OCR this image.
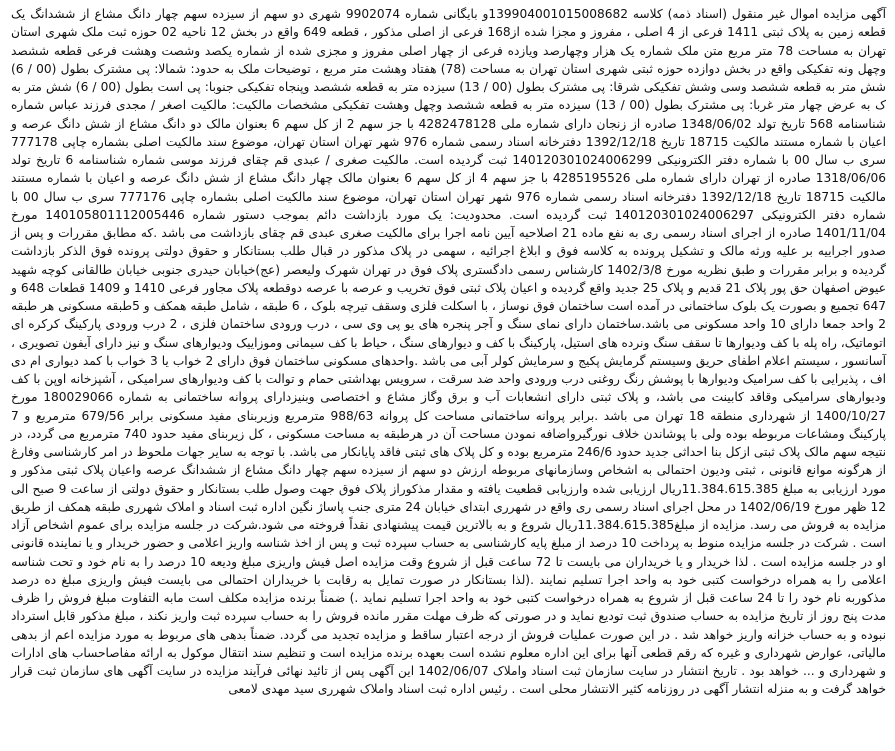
آگهی مزایده اموال غیر منقول (اسناد ذمه) کلاسه 139904001015008682و بایگانی شماره 9902074 شهری دو سهم از سیزده سهم چهار دانگ مشاع از ششدانگ یک قطعه زمین به پلاک ثبتی 1411 فرعی از 4 اصلی ، مفروز و مجزا شده از168 فرعی از اصلی مذکور ، قطعه 649 واقع در بخش 12 ناحیه 02 حوزه ثبت ملک شهری استان تهران به مساحت 78 متر مربع متن ملک شماره یک هزار وچهارصد ویازده فرعی از چهار اصلی مفروز و مجزی شده از شماره یکصد وشصت وهشت فرعی قطعه ششصد وچهل ونه تفکیکی واقع در بخش دوازده حوزه ثبتی شهری استان تهران به مساحت (78) هفتاد وهشت متر مربع ، توضیحات ملک به حدود: شمالا: پی مشترک بطول (00 / 6) شش متر به قطعه ششصد وسی وشش تفکیکی شرقا: پی مشترک بطول (00 / 13) سیزده متر به قطعه ششصد وپنجاه تفکیکی جنوبا: پی است بطول (00 / 6) شش متر به ک به عرض چهار متر غربا: پی مشترک بطول (00 / 13) سیزده متر به قطعه ششصد وچهل وهشت تفکیکی مشخصات مالکیت: مالکیت اصغر / مجدی فرزند عباس شماره شناسنامه 568 تاریخ تولد 1348/06/02 صادره از زنجان دارای شماره ملی 4282478128 با جز سهم 2 از کل سهم 6 بعنوان مالک دو دانگ مشاع از شش دانگ عرصه و اعیان با شماره مستند مالکیت 18715 تاریخ 1392/12/18 دفترخانه اسناد رسمی شماره 976 شهر تهران استان تهران، موضوع سند مالکیت اصلی بشماره چاپی 777178 سری ب سال 00 با شماره دفتر الکترونیکی 140120301024006299 ثبت گردیده است. مالکیت صغری / عبدی قم چقای فرزند موسی شماره شناسنامه 6 تاریخ تولد 1318/06/06 صادره از تهران دارای شماره ملی 4285195526 با جز سهم 4 از کل سهم 6 بعنوان مالک چهار دانگ مشاع از شش دانگ عرصه و اعیان با شماره مستند مالکیت 18715 تاریخ 1392/12/18 دفترخانه اسناد رسمی شماره 976 شهر تهران استان تهران، موضوع سند مالکیت اصلی بشماره چاپی 777176 سری ب سال 00 با شماره دفتر الکترونیکی 140120301024006297 ثبت گردیده است. محدودیت: یک مورد بازداشت دائم بموجب دستور شماره 140105801112005446 مورخ 1401/11/04 صادره از اجرای اسناد رسمی ری به نفع ماده 21 اصلاحیه آیین نامه اجرا برای مالکیت صغری عبدی قم چقای بازداشت می باشد .که مطابق مقررات و پس از صدور اجراییه بر علیه ورثه مالک و تشکیل پرونده به کلاسه فوق و ابلاغ اجرائیه ، سهمی در پلاک مذکور در قبال طلب بستانکار و حقوق دولتی پرونده فوق الذکر بازداشت گردیده و برابر مقررات و طبق نظریه مورخ 1402/3/8 کارشناس رسمی دادگستری پلاک فوق در تهران شهرک ولیعصر (عج)خیابان حیدری جنوبی خیابان طالقانی کوچه شهید عیوض اصفهان حق پور پلاک 21 قدیم و پلاک 25 جدید واقع گردیده و اعیان پلاک ثبتی فوق تخریب و عرصه با عرصه دوقطعه پلاک مجاور فرعی 1410 و 1409 قطعات 648 و 647 تجمیع و بصورت یک بلوک ساختمانی در آمده است ساختمان فوق نوساز ، با اسکلت فلزی وسقف تیرچه بلوک ، 6 طبقه ، شامل طبقه همکف و 5طبقه مسکونی هر طبقه 2 واحد جمعا دارای 10 واحد مسکونی می باشد.ساختمان دارای نمای سنگ و آجر پنجره های یو پی وی سی ، درب ورودی ساختمان فلزی ، 2 درب ورودی پارکینگ کرکره ای اتوماتیک، راه پله با کف ودیوارها تا سقف سنگ ونرده های استیل، پارکینگ با کف و دیوارهای سنگ ، حیاط با کف سیمانی وموزاییک ودیوارهای سنگ و نیز دارای آیفون تصویری ، آسانسور ، سیستم اعلام اطفای حریق وسیستم گرمایش پکیج و سرمایش کولر آبی می باشد .واحدهای مسکونی ساختمان فوق دارای 2 خواب یا 3 خواب با کمد دیواری ام دی اف ، پذیرایی با کف سرامیک ودیوارها با پوشش رنگ روغنی درب ورودی واحد ضد سرقت ، سرویس بهداشتی حمام و توالت با کف ودیوارهای سرامیکی ، آشپزخانه اوپن با کف ودیوارهای سرامیکی وقاقد کابینت می باشد، و پلاک ثبتی دارای انشعابات آب و برق وگاز مشاع و اختصاصی وبنیزدارای پروانه ساختمانی به شماره 180029066 مورخ 1400/10/27 از شهرداری منطقه 18 تهران می باشد .برابر پروانه ساختمانی مساحت کل پروانه 988/63 مترمربع وزیربنای مفید مسکونی برابر 679/56 مترمربع و 7 پارکینگ ومشاعات مربوطه بوده ولی با پوشاندن خلاف نورگیرواضافه نمودن مساحت آن در هرطبقه به مساحت مسکونی ، کل زیربنای مفید حدود 740 مترمربع می گردد، در نتیجه سهم مالک پلاک ثبتی ازکل بنا احداثی جدید حدود 246/6 مترمربع بوده و کل پلاک های ثبتی فاقد پایانکار می باشد. با توجه به سایر جهات ملحوظ در امر کارشناسی وفارغ از هرگونه موانع قانونی ، ثبتی ودیون احتمالی به اشخاص وسازمانهای مربوطه ارزش دو سهم از سیزده سهم چهار دانگ مشاع از ششدانگ عرصه واعیان پلاک ثبتی مذکور و مورد ارزیابی به مبلغ 11.384.615.385ریال ارزیابی شده وارزیابی قطعیت یافته و مقدار مذکوراز پلاک فوق جهت وصول طلب بستانکار و حقوق دولتی از ساعت 9 صبح الی 12 ظهر مورخ 1402/06/19 در محل اجرای اسناد رسمی ری واقع در شهرری ابتدای خیابان 24 متری جنب پاساژ نگین اداره ثبت اسناد و املاک شهرری طبقه همکف از طریق مزایده به فروش می رسد. مزایده از مبلغ11.384.615.385ریال شروع و به بالاترین قیمت پیشنهادی نقداً فروخته می شود.شرکت در جلسه مزایده برای عموم اشخاص آزاد است . شرکت در جلسه مزایده منوط به پرداخت 10 درصد از مبلغ پایه کارشناسی به حساب سپرده ثبت و پس از اخذ شناسه واریز اعلامی و حضور خریدار و یا نماینده قانونی او در جلسه مزایده است . لذا خریدار و یا خریداران می بایست تا 72 ساعت قبل از شروع وقت مزایده اصل فیش واریزی مبلغ ودیعه 10 درصد را به نام خود و تحت شناسه اعلامی را به همراه درخواست کتبی خود به واحد اجرا تسلیم نمایند .(لذا بستانکار در صورت تمایل به رقابت با خریداران احتمالی می بایست فیش واریزی مبلغ ده درصد مذکوربه نام خود را تا 24 ساعت قبل از شروع به همراه درخواست کتبی خود به واحد اجرا تسلیم نماید .) ضمناً برنده مزایده مکلف است مابه التفاوت مبلغ فروش را ظرف مدت پنج روز از تاریخ مزایده به حساب صندوق ثبت تودیع نماید و در صورتی که ظرف مهلت مقرر مانده فروش را به حساب سپرده ثبت واریز نکند ، مبلغ مذکور قابل استرداد نبوده و به حساب خزانه واریز خواهد شد . در این صورت عملیات فروش از درجه اعتبار ساقط و مزایده تجدید می گردد. ضمناً بدهی های مربوط به مورد مزایده اعم از بدهی مالیاتی، عوارض شهرداری و غیره که رقم قطعی آنها برای این اداره معلوم نشده است بعهده برنده مزایده است و تنظیم سند انتقال موکول به ارائه مفاصاحساب های ادارات و شهرداری و ... خواهد بود . تاریخ انتشار در سایت سازمان ثبت اسناد واملاک 1402/06/07 این آگهی پس از تائید نهائی فرآیند مزایده در سایت آگهی های سازمان ثبت قرار خواهد گرفت و به منزله انتشار آگهی در روزنامه کثیر الانتشار محلی است . رئیس اداره ثبت اسناد واملاک شهرری سید مهدی لامعی
